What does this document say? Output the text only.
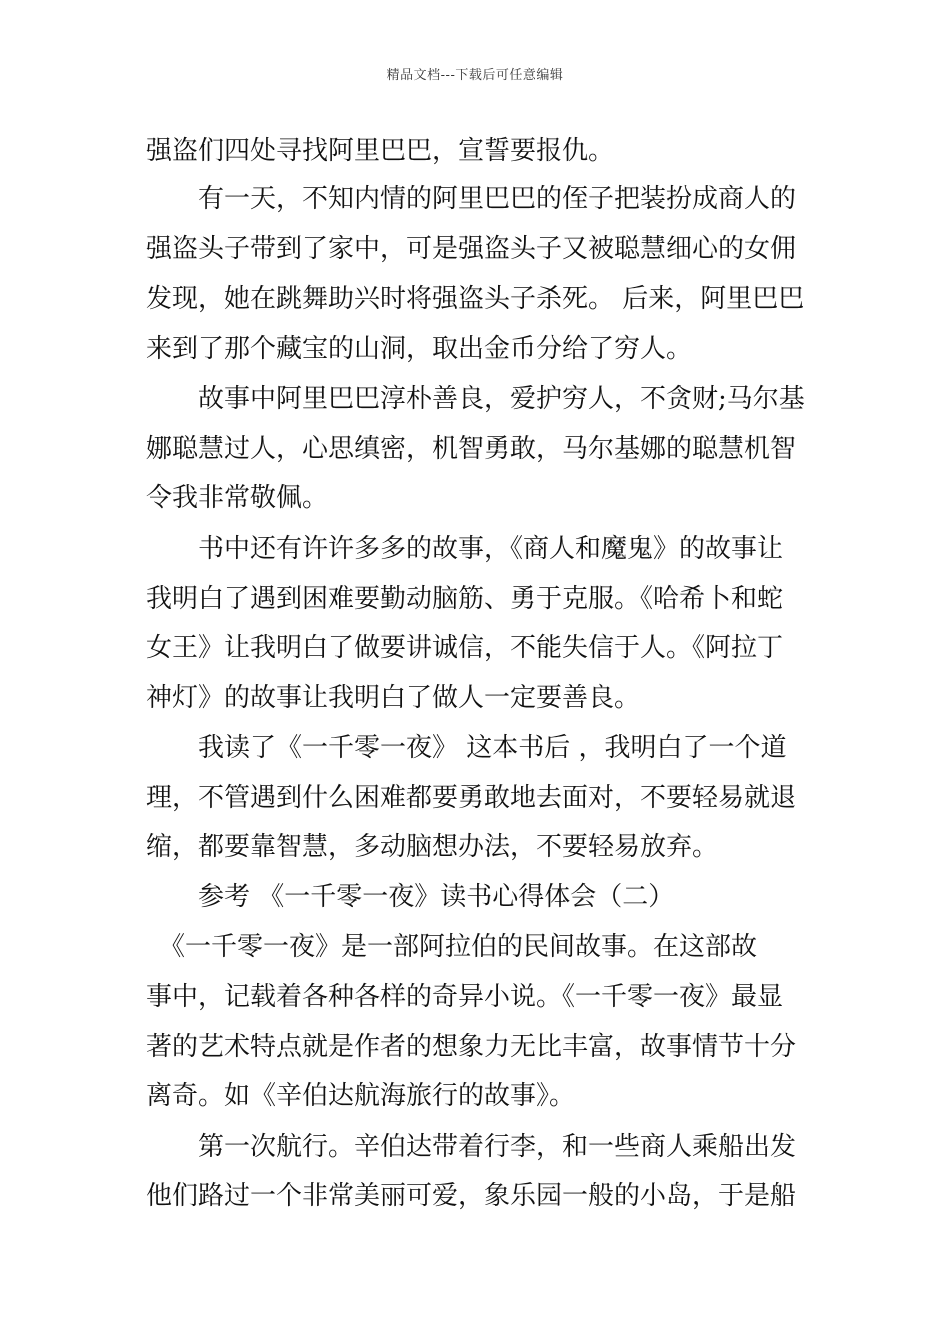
精品文档---下载后可任意编辑
强盗们四处寻找阿里巴巴，宣誓要报仇。
　　有一天，不知内情的阿里巴巴的侄子把装扮成商人的
强盗头子带到了家中，可是强盗头子又被聪慧细心的女佣
发现，她在跳舞助兴时将强盗头子杀死。 后来，阿里巴巴
来到了那个藏宝的山洞，取出金币分给了穷人。
　　故事中阿里巴巴淳朴善良，爱护穷人，不贪财;马尔基
娜聪慧过人，心思缜密，机智勇敢，马尔基娜的聪慧机智
令我非常敬佩。
　　书中还有许许多多的故事，《商人和魔鬼》的故事让
我明白了遇到困难要勤动脑筋、勇于克服。《哈希卜和蛇
女王》让我明白了做要讲诚信，不能失信于人。《阿拉丁
神灯》的故事让我明白了做人一定要善良。
　　我读了《一千零一夜》 这本书后 ，我明白了一个道
理，不管遇到什么困难都要勇敢地去面对，不要轻易就退
缩，都要靠智慧，多动脑想办法，不要轻易放弃。
　　参考 《一千零一夜》读书心得体会（二）
　《一千零一夜》是一部阿拉伯的民间故事。在这部故
事中，记载着各种各样的奇异小说。《一千零一夜》最显
著的艺术特点就是作者的想象力无比丰富，故事情节十分
离奇。如《辛伯达航海旅行的故事》。
　　第一次航行。辛伯达带着行李，和一些商人乘船出发
他们路过一个非常美丽可爱，象乐园一般的小岛，于是船
